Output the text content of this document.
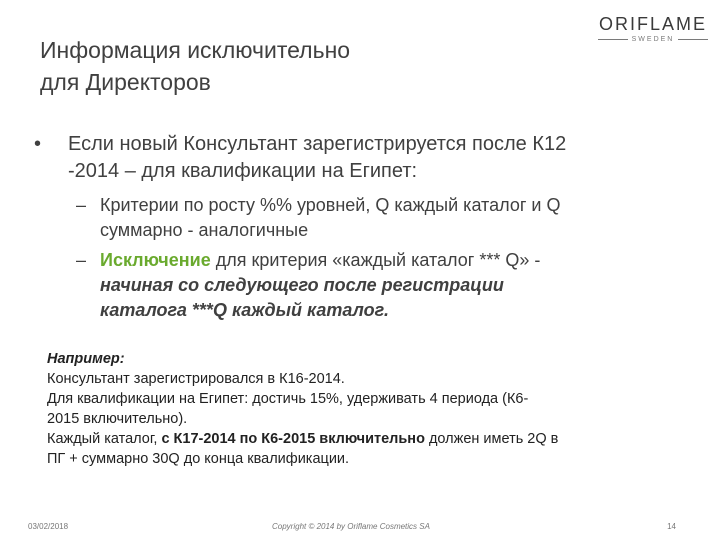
ORIFLAME
SWEDEN
Информация исключительно
для Директоров
• Если новый Консультант зарегистрируется после К12
-2014 – для квалификации на Египет:
– Критерии по росту %% уровней, Q каждый каталог и Q
суммарно - аналогичные
– Исключение для критерия «каждый каталог *** Q» -
начиная со следующего после регистрации
каталога ***Q каждый каталог.
Например:
Консультант зарегистрировался в К16-2014.
Для квалификации на Египет: достичь 15%, удерживать 4 периода (К6-
2015 включительно).
Каждый каталог, с К17-2014 по К6-2015 включительно должен иметь 2Q в
ПГ + суммарно 30Q до конца квалификации.
03/02/2018	Copyright © 2014 by Oriflame Cosmetics SA	14
